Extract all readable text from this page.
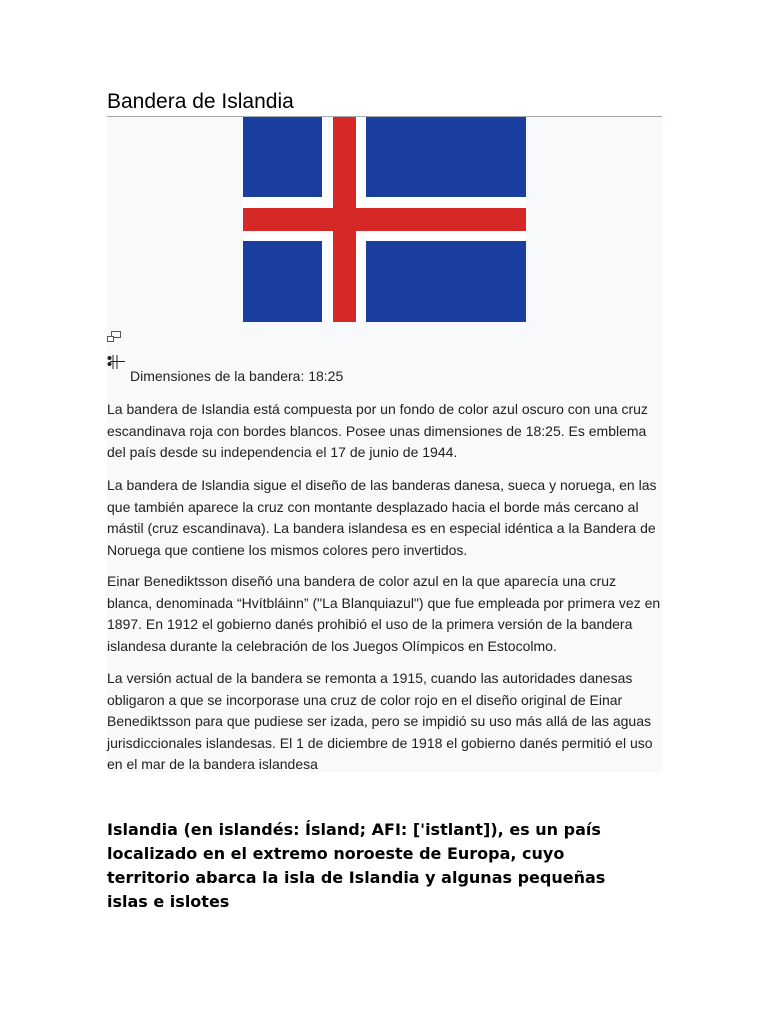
Bandera de Islandia

Dimensiones de la bandera: 18:25

La bandera de Islandia está compuesta por un fondo de color azul oscuro con una cruz escandinava roja con bordes blancos. Posee unas dimensiones de 18:25. Es emblema del país desde su independencia el 17 de junio de 1944.

La bandera de Islandia sigue el diseño de las banderas danesa, sueca y noruega, en las que también aparece la cruz con montante desplazado hacia el borde más cercano al mástil (cruz escandinava). La bandera islandesa es en especial idéntica a la Bandera de Noruega que contiene los mismos colores pero invertidos.

Einar Benediktsson diseñó una bandera de color azul en la que aparecía una cruz blanca, denominada “Hvítbláinn” ("La Blanquiazul") que fue empleada por primera vez en 1897. En 1912 el gobierno danés prohibió el uso de la primera versión de la bandera islandesa durante la celebración de los Juegos Olímpicos en Estocolmo.

La versión actual de la bandera se remonta a 1915, cuando las autoridades danesas obligaron a que se incorporase una cruz de color rojo en el diseño original de Einar Benediktsson para que pudiese ser izada, pero se impidió su uso más allá de las aguas jurisdiccionales islandesas. El 1 de diciembre de 1918 el gobierno danés permitió el uso en el mar de la bandera islandesa

Islandia (en islandés: Ísland; AFI: ['istlant]), es un país localizado en el extremo noroeste de Europa, cuyo territorio abarca la isla de Islandia y algunas pequeñas islas e islotes
